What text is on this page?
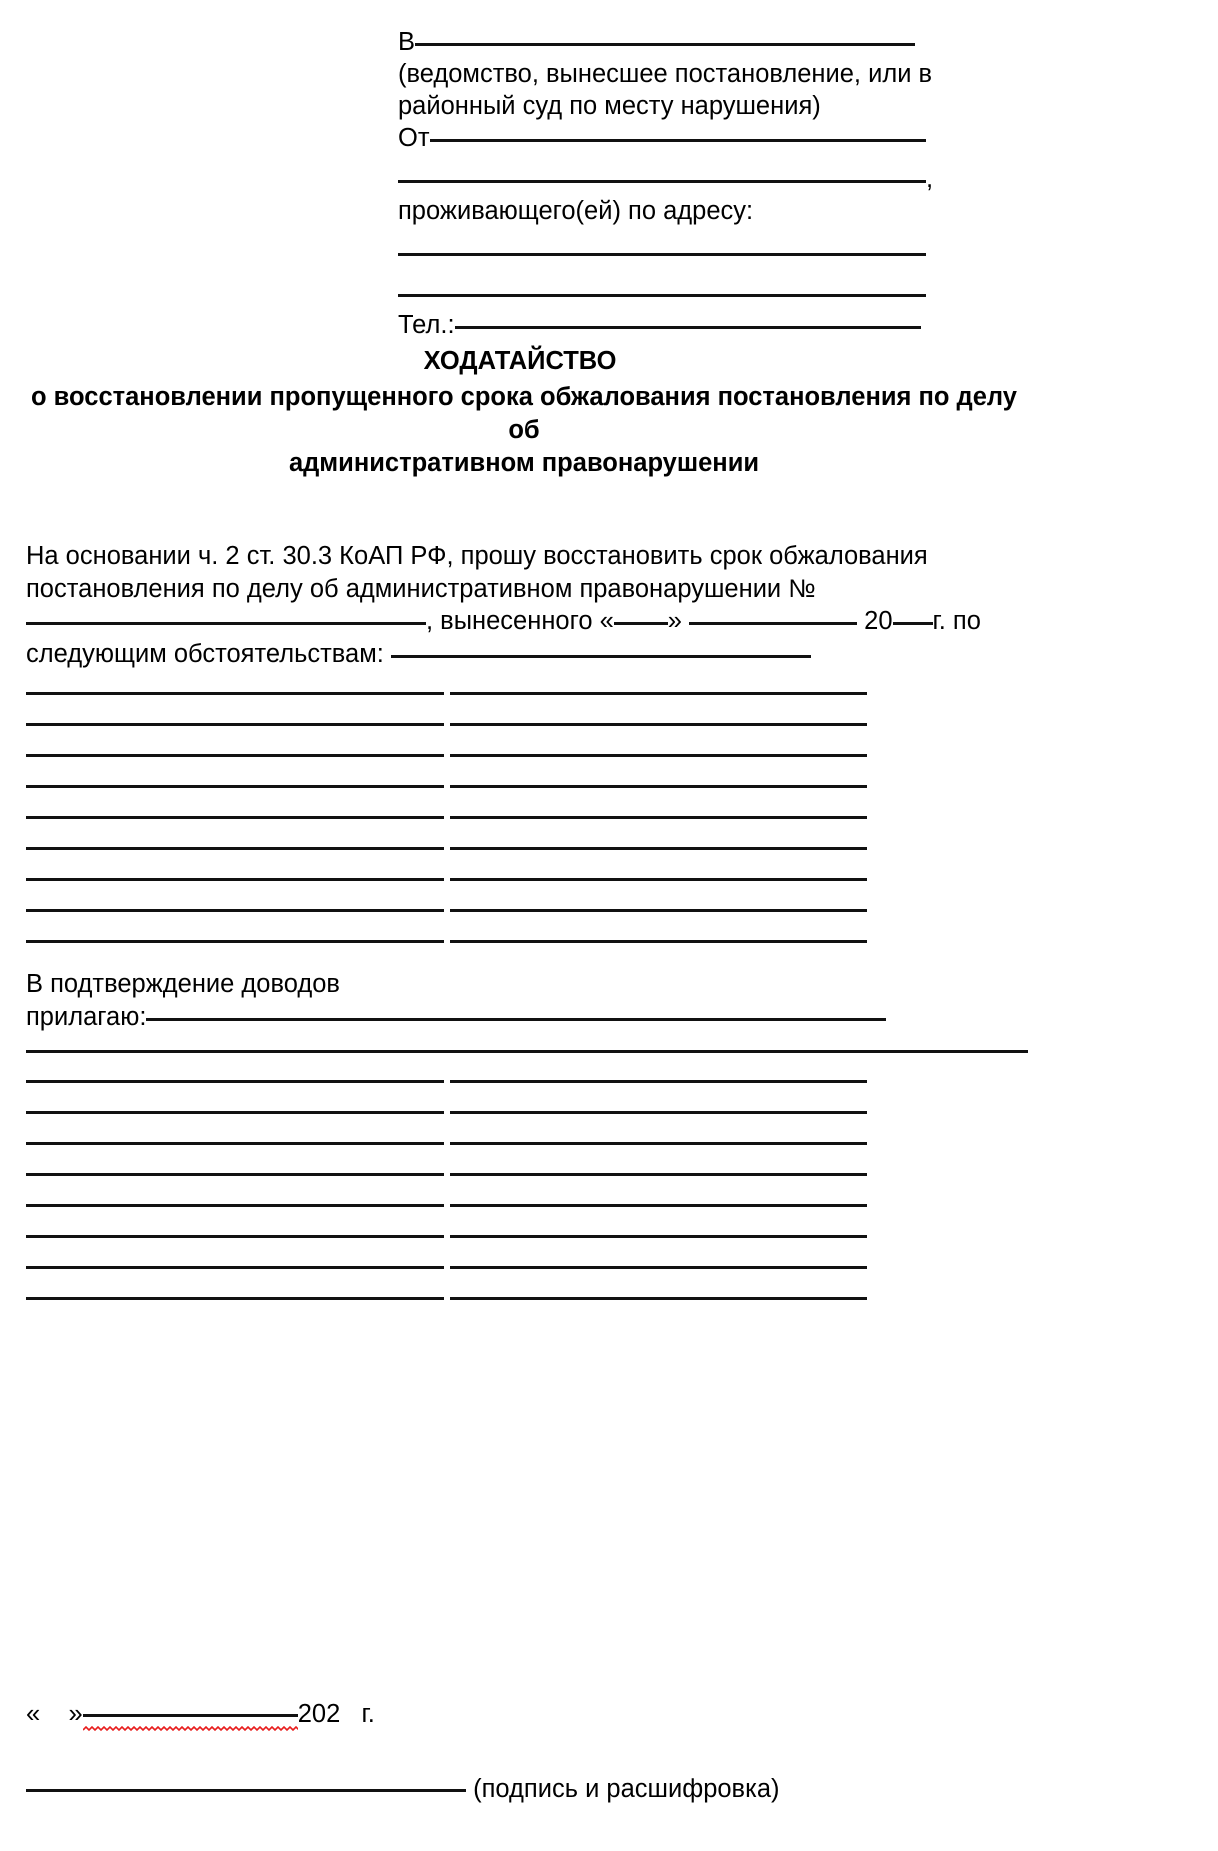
В
(ведомство, вынесшее постановление, или в
районный суд по месту нарушения)
От
,
проживающего(ей) по адресу:
Тел.:
ХОДАТАЙСТВО
о восстановлении пропущенного срока обжалования постановления по делу об
административном правонарушении
На основании ч. 2 ст. 30.3 КоАП РФ, прошу восстановить срок обжалования
постановления по делу об административном правонарушении №
, вынесенного « »	20 г. по
следующим обстоятельствам:
В подтверждение доводов
прилагаю:
« »	202 г.
(подпись и расшифровка)
